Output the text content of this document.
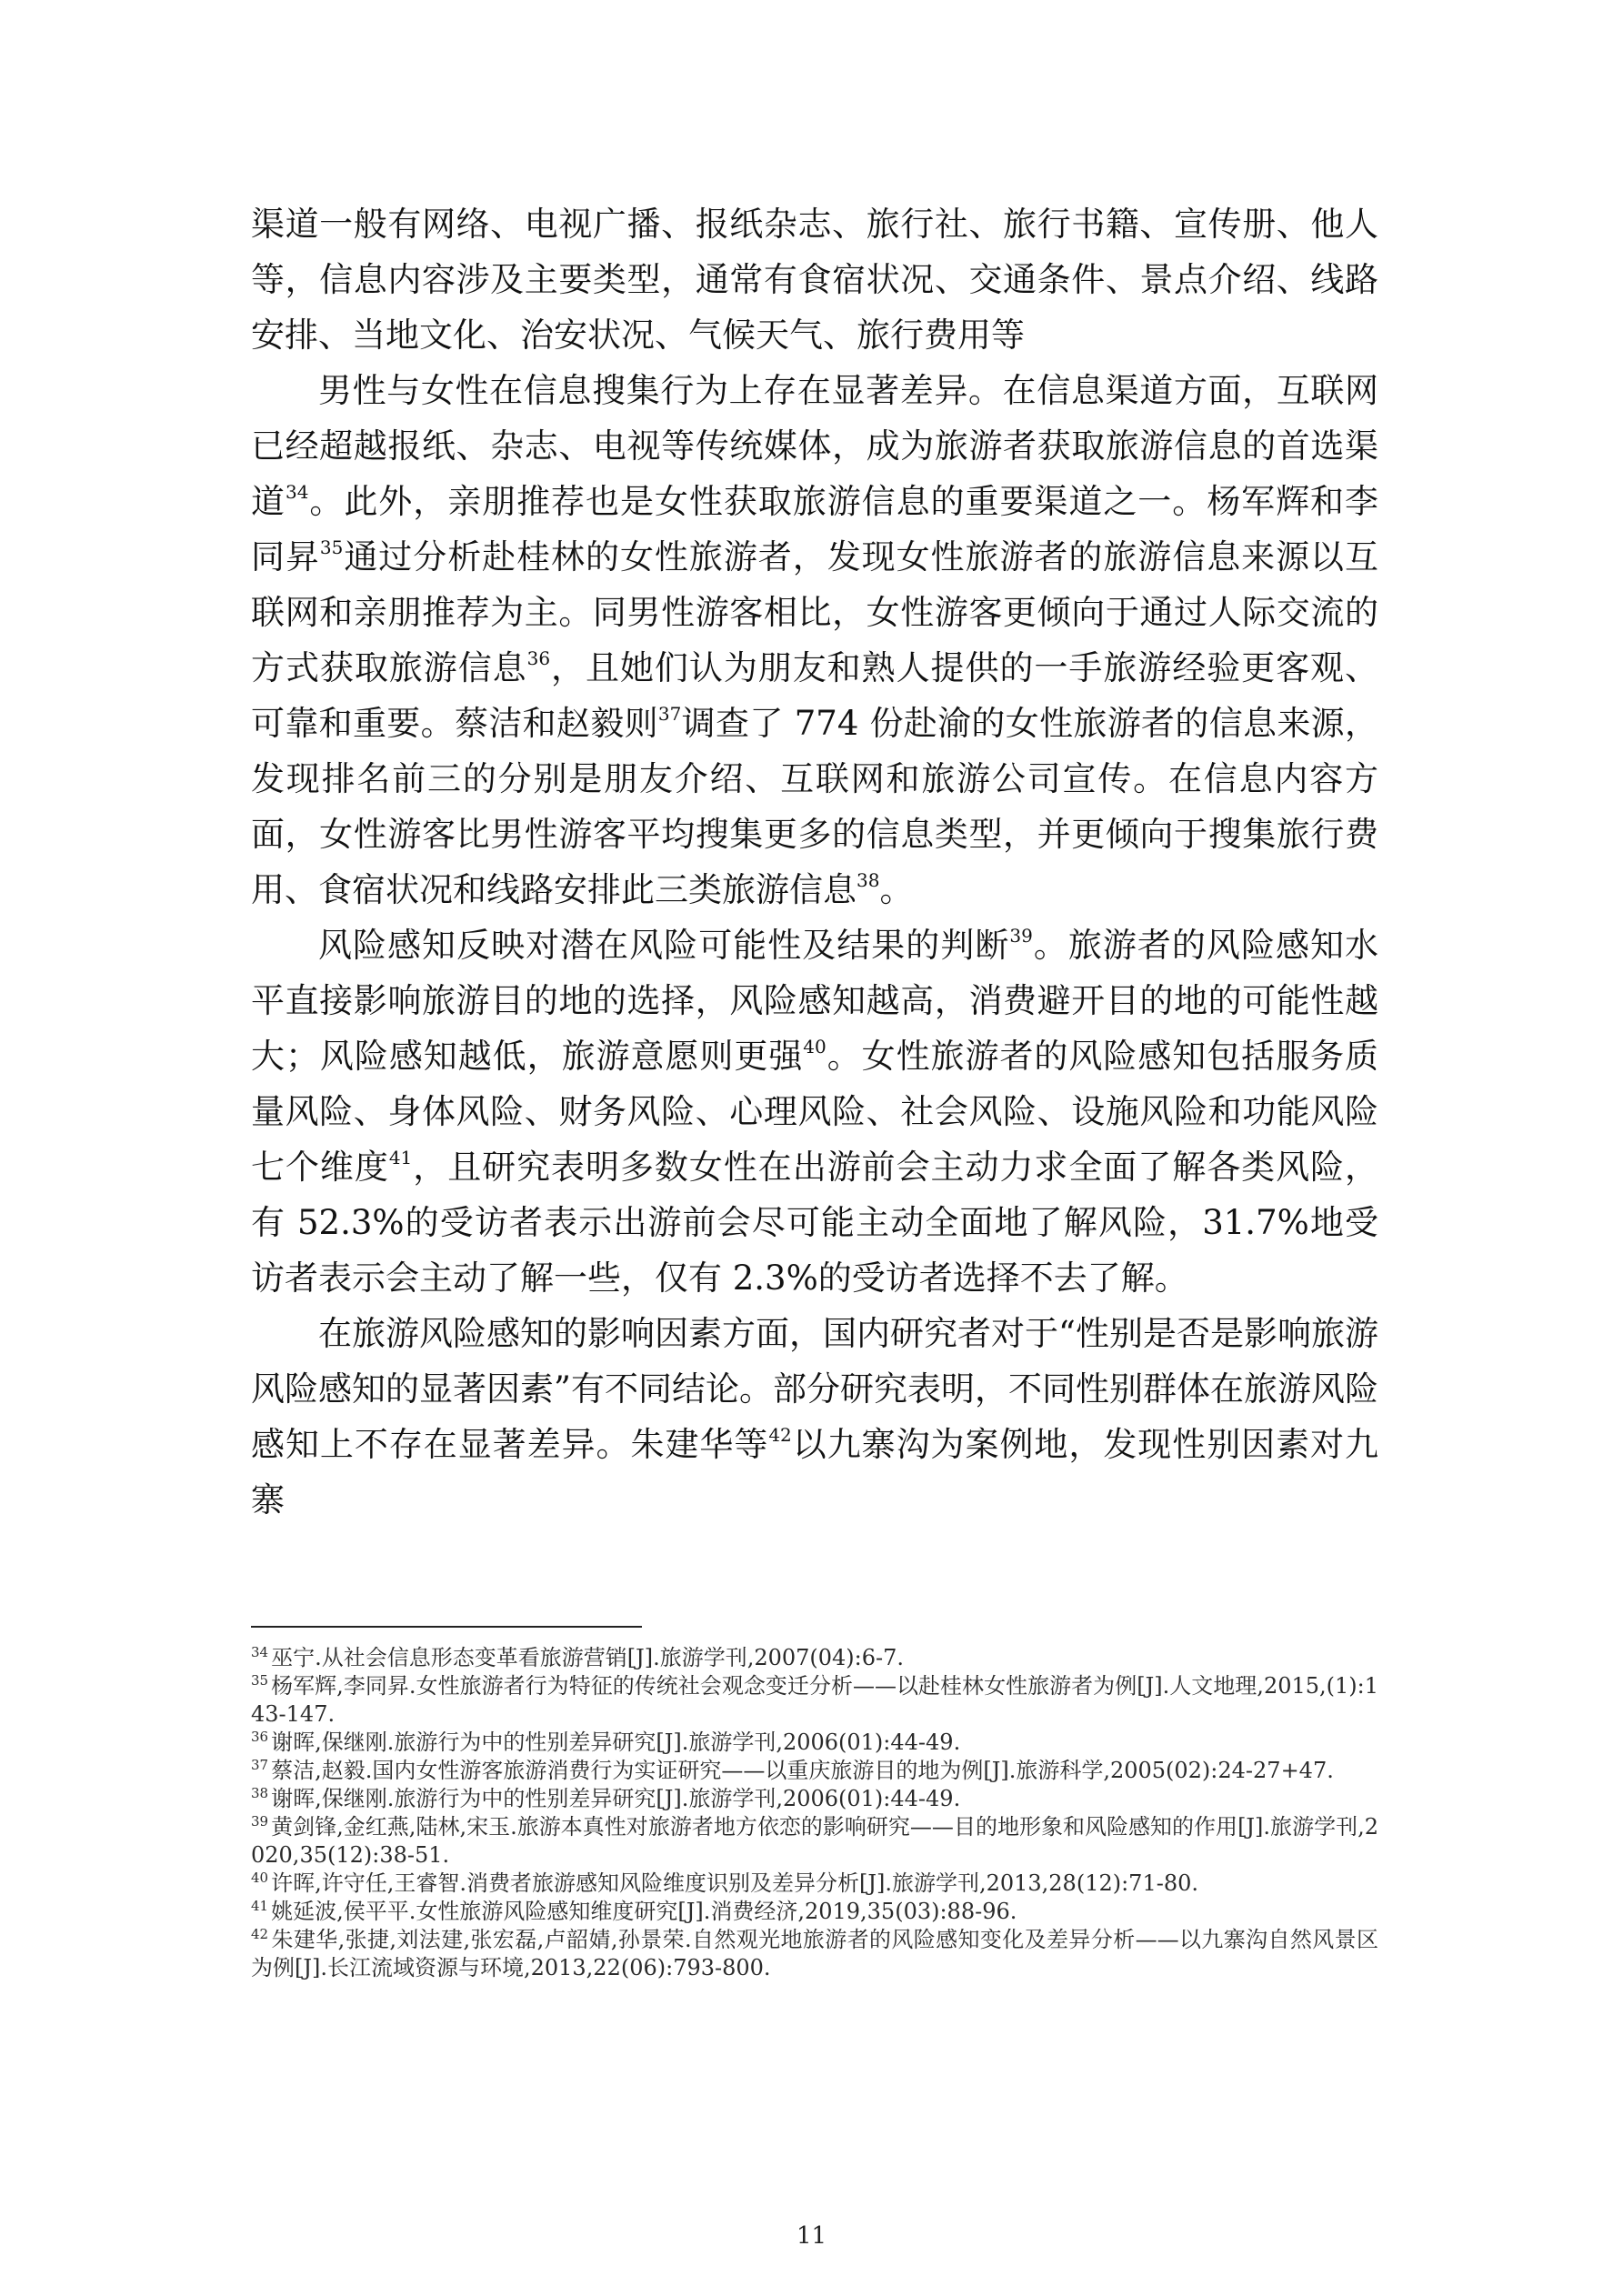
渠道一般有网络、电视广播、报纸杂志、旅行社、旅行书籍、宣传册、他人等，信息内容涉及主要类型，通常有食宿状况、交通条件、景点介绍、线路安排、当地文化、治安状况、气候天气、旅行费用等

男性与女性在信息搜集行为上存在显著差异。在信息渠道方面，互联网已经超越报纸、杂志、电视等传统媒体，成为旅游者获取旅游信息的首选渠道$^{34}$。此外，亲朋推荐也是女性获取旅游信息的重要渠道之一。杨军辉和李同昇$^{35}$通过分析赴桂林的女性旅游者，发现女性旅游者的旅游信息来源以互联网和亲朋推荐为主。同男性游客相比，女性游客更倾向于通过人际交流的方式获取旅游信息$^{36}$，且她们认为朋友和熟人提供的一手旅游经验更客观、可靠和重要。蔡洁和赵毅则$^{37}$调查了 774 份赴渝的女性旅游者的信息来源，发现排名前三的分别是朋友介绍、互联网和旅游公司宣传。在信息内容方面，女性游客比男性游客平均搜集更多的信息类型，并更倾向于搜集旅行费用、食宿状况和线路安排此三类旅游信息$^{38}$。

风险感知反映对潜在风险可能性及结果的判断$^{39}$。旅游者的风险感知水平直接影响旅游目的地的选择，风险感知越高，消费避开目的地的可能性越大；风险感知越低，旅游意愿则更强$^{40}$。女性旅游者的风险感知包括服务质量风险、身体风险、财务风险、心理风险、社会风险、设施风险和功能风险七个维度$^{41}$，且研究表明多数女性在出游前会主动力求全面了解各类风险，有 52.3%的受访者表示出游前会尽可能主动全面地了解风险，31.7%地受访者表示会主动了解一些，仅有 2.3%的受访者选择不去了解。

在旅游风险感知的影响因素方面，国内研究者对于“性别是否是影响旅游风险感知的显著因素”有不同结论。部分研究表明，不同性别群体在旅游风险感知上不存在显著差异。朱建华等$^{42}$以九寨沟为案例地，发现性别因素对九寨

$^{34}$ 巫宁.从社会信息形态变革看旅游营销[J].旅游学刊,2007(04):6-7.

$^{35}$ 杨军辉,李同昇.女性旅游者行为特征的传统社会观念变迁分析——以赴桂林女性旅游者为例[J].人文地理,2015,(1):143-147.

$^{36}$ 谢晖,保继刚.旅游行为中的性别差异研究[J].旅游学刊,2006(01):44-49.

$^{37}$ 蔡洁,赵毅.国内女性游客旅游消费行为实证研究——以重庆旅游目的地为例[J].旅游科学,2005(02):24-27+47.

$^{38}$ 谢晖,保继刚.旅游行为中的性别差异研究[J].旅游学刊,2006(01):44-49.

$^{39}$ 黄剑锋,金红燕,陆林,宋玉.旅游本真性对旅游者地方依恋的影响研究——目的地形象和风险感知的作用[J].旅游学刊,2020,35(12):38-51.

$^{40}$ 许晖,许守任,王睿智.消费者旅游感知风险维度识别及差异分析[J].旅游学刊,2013,28(12):71-80.

$^{41}$ 姚延波,侯平平.女性旅游风险感知维度研究[J].消费经济,2019,35(03):88-96.

$^{42}$ 朱建华,张捷,刘法建,张宏磊,卢韶婧,孙景荣.自然观光地旅游者的风险感知变化及差异分析——以九寨沟自然风景区为例[J].长江流域资源与环境,2013,22(06):793-800.

11
